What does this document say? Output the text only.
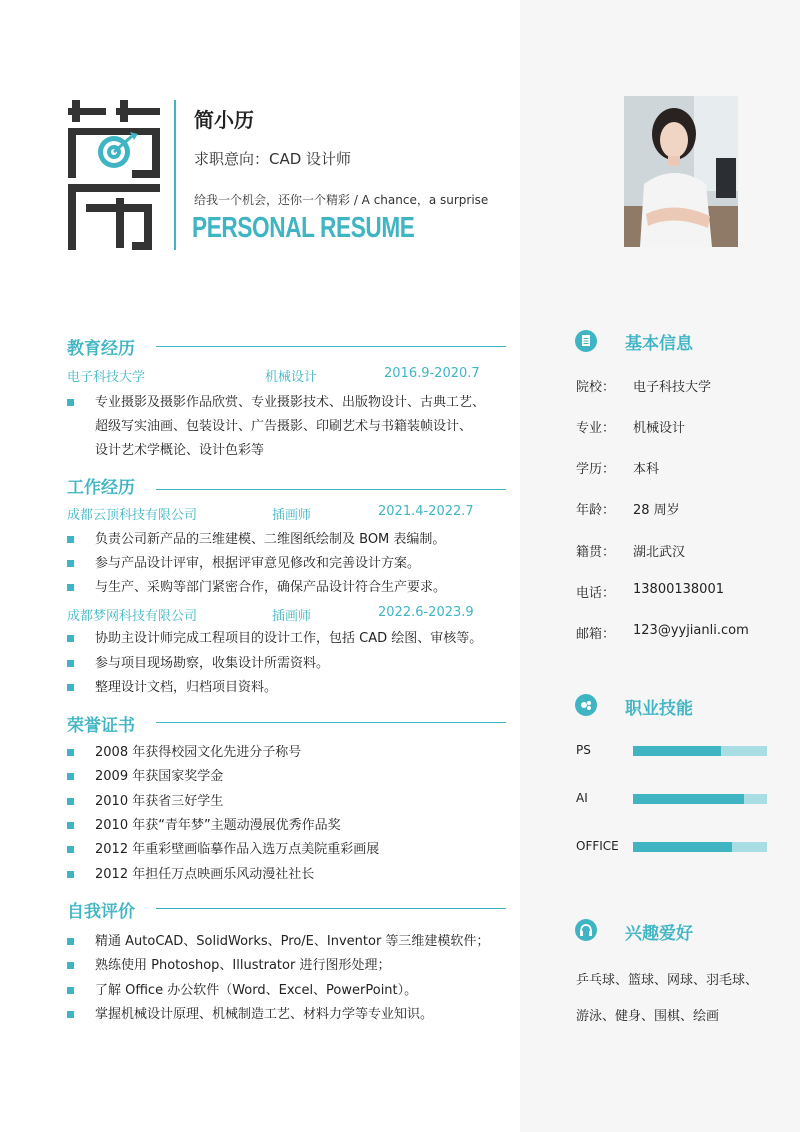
简小历
求职意向：CAD 设计师
给我一个机会，还你一个精彩 / A chance，a surprise
PERSONAL RESUME
教育经历
电子科技大学	机械设计	2016.9-2020.7
专业摄影及摄影作品欣赏、专业摄影技术、出版物设计、古典工艺、
超级写实油画、包装设计、广告摄影、印刷艺术与书籍装帧设计、
设计艺术学概论、设计色彩等
工作经历
成都云顶科技有限公司	插画师	2021.4-2022.7
负责公司新产品的三维建模、二维图纸绘制及 BOM 表编制。
参与产品设计评审，根据评审意见修改和完善设计方案。
与生产、采购等部门紧密合作，确保产品设计符合生产要求。
成都梦网科技有限公司	插画师	2022.6-2023.9
协助主设计师完成工程项目的设计工作，包括 CAD 绘图、审核等。
参与项目现场勘察，收集设计所需资料。
整理设计文档，归档项目资料。
荣誉证书
2008 年获得校园文化先进分子称号
2009 年获国家奖学金
2010 年获省三好学生
2010 年获“青年梦”主题动漫展优秀作品奖
2012 年重彩壁画临摹作品入选万点美院重彩画展
2012 年担任万点映画乐风动漫社社长
自我评价
精通 AutoCAD、SolidWorks、Pro/E、Inventor 等三维建模软件；
熟练使用 Photoshop、Illustrator 进行图形处理；
了解 Office 办公软件（Word、Excel、PowerPoint）。
掌握机械设计原理、机械制造工艺、材料力学等专业知识。
基本信息
院校： 电子科技大学
专业： 机械设计
学历： 本科
年龄： 28 周岁
籍贯： 湖北武汉
电话： 13800138001
邮箱： 123@yyjianli.com
职业技能
PS
AI
OFFICE
兴趣爱好
乒乓球、篮球、网球、羽毛球、
游泳、健身、围棋、绘画
